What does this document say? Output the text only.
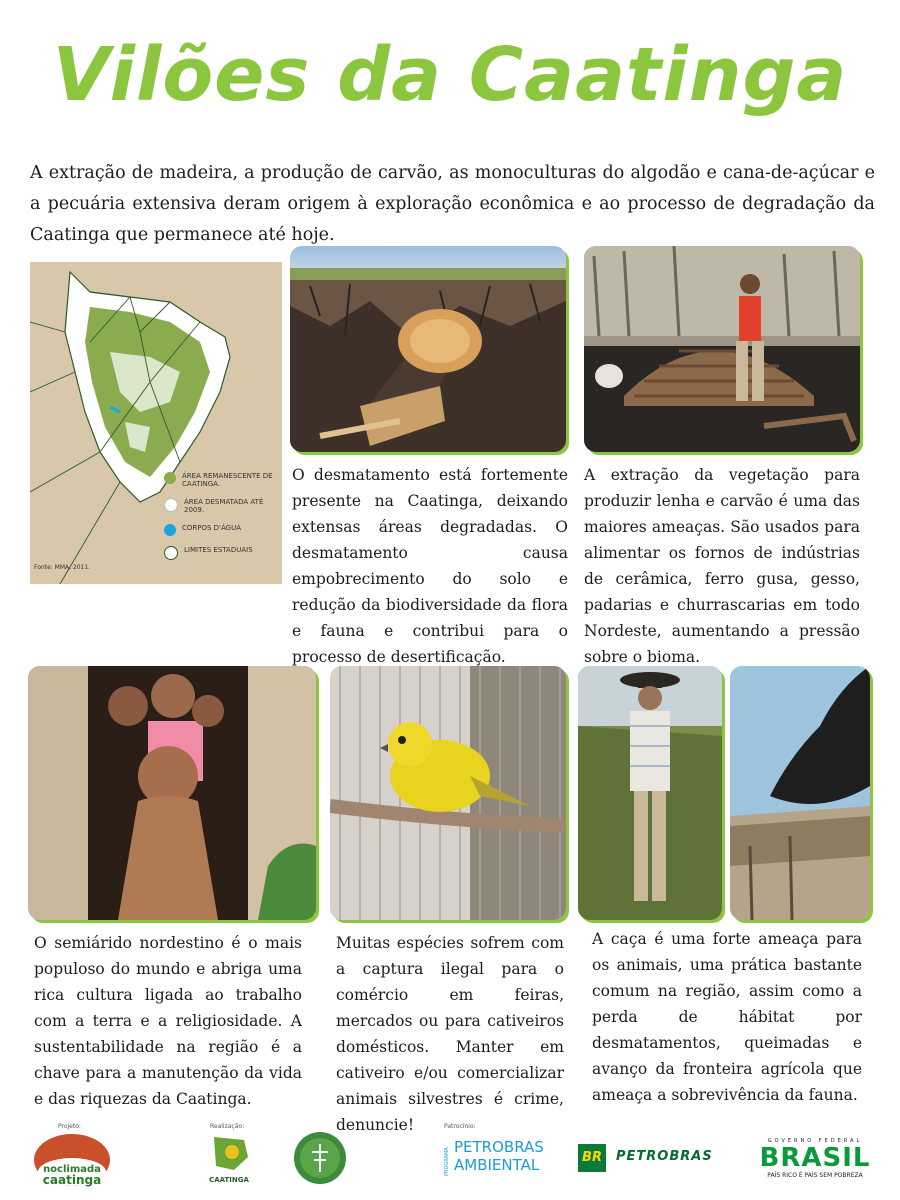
Vilões da Caatinga
A extração de madeira, a produção de carvão, as monoculturas do algodão e cana-de-açúcar e a pecuária extensiva deram origem à exploração econômica e ao processo de degradação da Caatinga que permanece até hoje.
ÁREA REMANESCENTE DE CAATINGA.
ÁREA DESMATADA ATÉ 2009.
CORPOS D'ÁGUA
LIMITES ESTADUAIS
Fonte: MMA, 2011.
O desmatamento está fortemente presente na Caatinga, deixando extensas áreas degradadas. O desmatamento causa empobrecimento do solo e redução da biodiversidade da flora e fauna e contribui para o processo de desertificação.
A extração da vegetação para produzir lenha e carvão é uma das maiores ameaças. São usados para alimentar os fornos de indústrias de cerâmica, ferro gusa, gesso, padarias e churrascarias em todo Nordeste, aumentando a pressão sobre o bioma.
O semiárido nordestino é o mais populoso do mundo e abriga uma rica cultura ligada ao trabalho com a terra e a religiosidade. A sustentabilidade na região é a chave para a manutenção da vida e das riquezas da Caatinga.
Muitas espécies sofrem com a captura ilegal para o comércio em feiras, mercados ou para cativeiros domésticos. Manter em cativeiro e/ou comercializar animais silvestres é crime, denuncie!
A caça é uma forte ameaça para os animais, uma prática bastante comum na região, assim como a perda de hábitat por desmatamentos, queimadas e avanço da fronteira agrícola que ameaça a sobrevivência da fauna.
Projeto:
noclimada
caatinga
Realização:
CAATINGA
Patrocínio:
PROGRAMA
PETROBRAS
AMBIENTAL	BR	PETROBRAS
GOVERNO FEDERAL
BRASIL
PAÍS RICO É PAÍS SEM POBREZA
